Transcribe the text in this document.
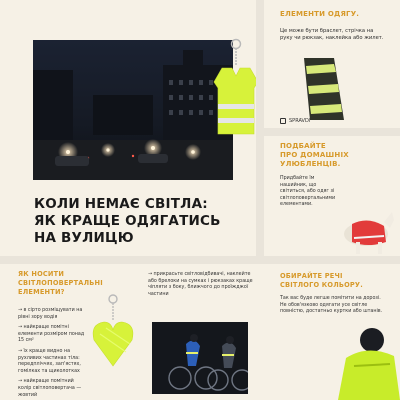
КОЛИ НЕМАЄ СВІТЛА:
ЯК КРАЩЕ ОДЯГАТИСЬ
НА ВУЛИЦЮ
ЕЛЕМЕНТИ ОДЯГУ.
Це може бути браслет, стрічка на руку чи рюкзак, наклейка або жилет.
SPRAVDI
ПОДБАЙТЕ
ПРО ДОМАШНІХ
УЛЮБЛЕНЦІВ.
Придбайте їм нашийник, що світиться, або одяг зі світлоповертальними елементами.
ЯК НОСИТИ
СВІТЛОПОВЕРТАЛЬНІ
ЕЛЕМЕНТИ?
→ в сірто розміщувати на рівні зору водія
→ найкраще помітні елементи розміром понад 15 см²
→ їх краще видно на рухливих частинах тіла: передпліччях, зап'ястях, гомілках та щиколотках
→ найкраще помітний колір світлоповертача — жовтий
→ прикрасьте світловідбивачі, наклейте або брелоки на сумках і рюкзаках краще чіпляти з боку, ближчого до проїжджої частини
ОБИРАЙТЕ РЕЧІ
СВІТЛОГО КОЛЬОРУ.
Так вас буде легше помітити на дорозі. Не обов'язково одягати усе світле повністю, достатньо куртки або штанів.
